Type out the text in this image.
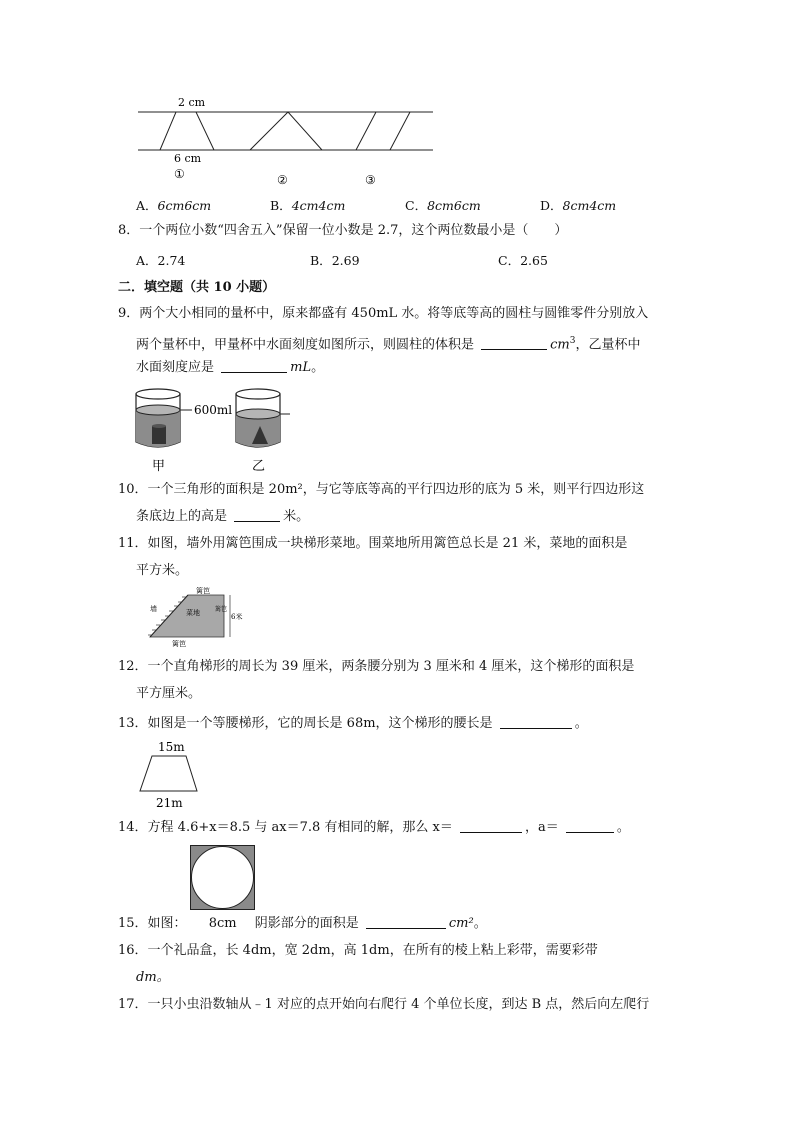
2 cm
6 cm
①	②	③
A．6cm6cm	B．4cm4cm	C．8cm6cm	D．8cm4cm
8．一个两位小数“四舍五入”保留一位小数是 2.7，这个两位数最小是（　　）
A．2.74	B．2.69	C．2.65
二．填空题（共 10 小题）
9．两个大小相同的量杯中，原来都盛有 450mL 水。将等底等高的圆柱与圆锥零件分别放入
两个量杯中，甲量杯中水面刻度如图所示，则圆柱的体积是	$cm^3$，乙量杯中
水面刻度应是	mL。
600ml
甲	乙
10．一个三角形的面积是 20m²，与它等底等高的平行四边形的底为 5 米，则平行四边形这
条底边上的高是	米。
11．如图，墙外用篱笆围成一块梯形菜地。围菜地所用篱笆总长是 21 米，菜地的面积是
平方米。
墙
篱笆
菜地	篱笆
6米
篱笆
12．一个直角梯形的周长为 39 厘米，两条腰分别为 3 厘米和 4 厘米，这个梯形的面积是
平方厘米。
13．如图是一个等腰梯形，它的周长是 68m，这个梯形的腰长是	。
15m
21m
14．方程 4.6+x＝8.5 与 ax＝7.8 有相同的解，那么 x＝	，a＝	。
15．如图： 8cm 阴影部分的面积是	cm²。
16．一个礼品盒，长 4dm，宽 2dm，高 1dm，在所有的棱上粘上彩带，需要彩带
dm。
17．一只小虫沿数轴从﹣1 对应的点开始向右爬行 4 个单位长度，到达 B 点，然后向左爬行
